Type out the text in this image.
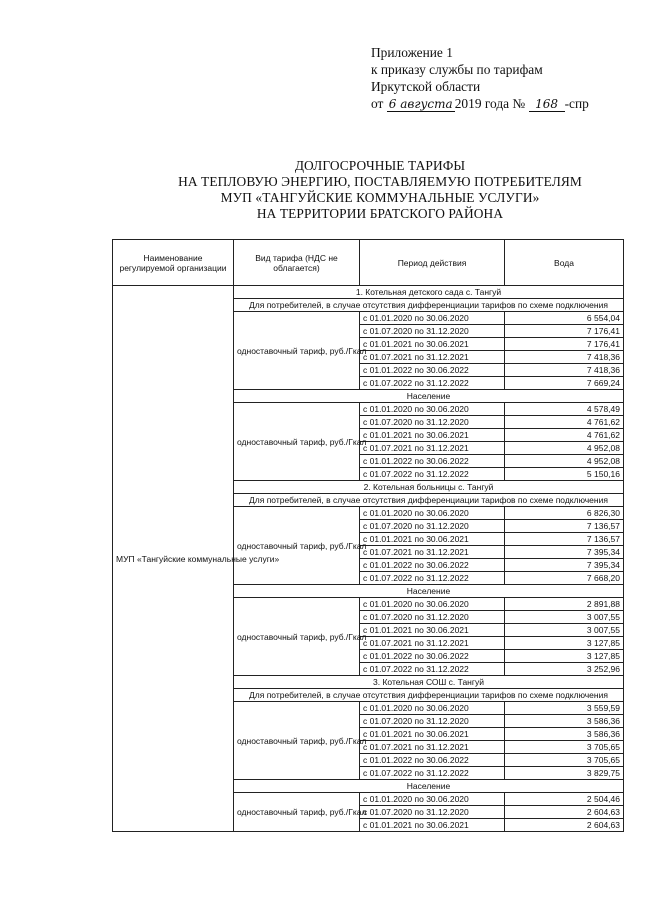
Приложение 1
к приказу службы по тарифам
Иркутской области
от 6 августа 2019 года № 168 -спр
ДОЛГОСРОЧНЫЕ ТАРИФЫ
НА ТЕПЛОВУЮ ЭНЕРГИЮ, ПОСТАВЛЯЕМУЮ ПОТРЕБИТЕЛЯМ
МУП «ТАНГУЙСКИЕ КОММУНАЛЬНЫЕ УСЛУГИ»
НА ТЕРРИТОРИИ БРАТСКОГО РАЙОНА
Наименование регулируемой организации	Вид тарифа (НДС не облагается)	Период действия	Вода
МУП «Тангуйские коммунальные услуги»	1. Котельная детского сада с. Тангуй		
	Для потребителей, в случае отсутствия дифференциации тарифов по схеме подключения		
	одноставочный тариф, руб./Гкал	с 01.01.2020 по 30.06.2020	6 554,04
		с 01.07.2020 по 31.12.2020	7 176,41
		с 01.01.2021 по 30.06.2021	7 176,41
		с 01.07.2021 по 31.12.2021	7 418,36
		с 01.01.2022 по 30.06.2022	7 418,36
		с 01.07.2022 по 31.12.2022	7 669,24
	Население		
	одноставочный тариф, руб./Гкал	с 01.01.2020 по 30.06.2020	4 578,49
		с 01.07.2020 по 31.12.2020	4 761,62
		с 01.01.2021 по 30.06.2021	4 761,62
		с 01.07.2021 по 31.12.2021	4 952,08
		с 01.01.2022 по 30.06.2022	4 952,08
		с 01.07.2022 по 31.12.2022	5 150,16
	2. Котельная больницы с. Тангуй		
	Для потребителей, в случае отсутствия дифференциации тарифов по схеме подключения		
	одноставочный тариф, руб./Гкал	с 01.01.2020 по 30.06.2020	6 826,30
		с 01.07.2020 по 31.12.2020	7 136,57
		с 01.01.2021 по 30.06.2021	7 136,57
		с 01.07.2021 по 31.12.2021	7 395,34
		с 01.01.2022 по 30.06.2022	7 395,34
		с 01.07.2022 по 31.12.2022	7 668,20
	Население		
	одноставочный тариф, руб./Гкал	с 01.01.2020 по 30.06.2020	2 891,88
		с 01.07.2020 по 31.12.2020	3 007,55
		с 01.01.2021 по 30.06.2021	3 007,55
		с 01.07.2021 по 31.12.2021	3 127,85
		с 01.01.2022 по 30.06.2022	3 127,85
		с 01.07.2022 по 31.12.2022	3 252,96
	3. Котельная СОШ с. Тангуй		
	Для потребителей, в случае отсутствия дифференциации тарифов по схеме подключения		
	одноставочный тариф, руб./Гкал	с 01.01.2020 по 30.06.2020	3 559,59
		с 01.07.2020 по 31.12.2020	3 586,36
		с 01.01.2021 по 30.06.2021	3 586,36
		с 01.07.2021 по 31.12.2021	3 705,65
		с 01.01.2022 по 30.06.2022	3 705,65
		с 01.07.2022 по 31.12.2022	3 829,75
	Население		
	одноставочный тариф, руб./Гкал	с 01.01.2020 по 30.06.2020	2 504,46
		с 01.07.2020 по 31.12.2020	2 604,63
		с 01.01.2021 по 30.06.2021	2 604,63
